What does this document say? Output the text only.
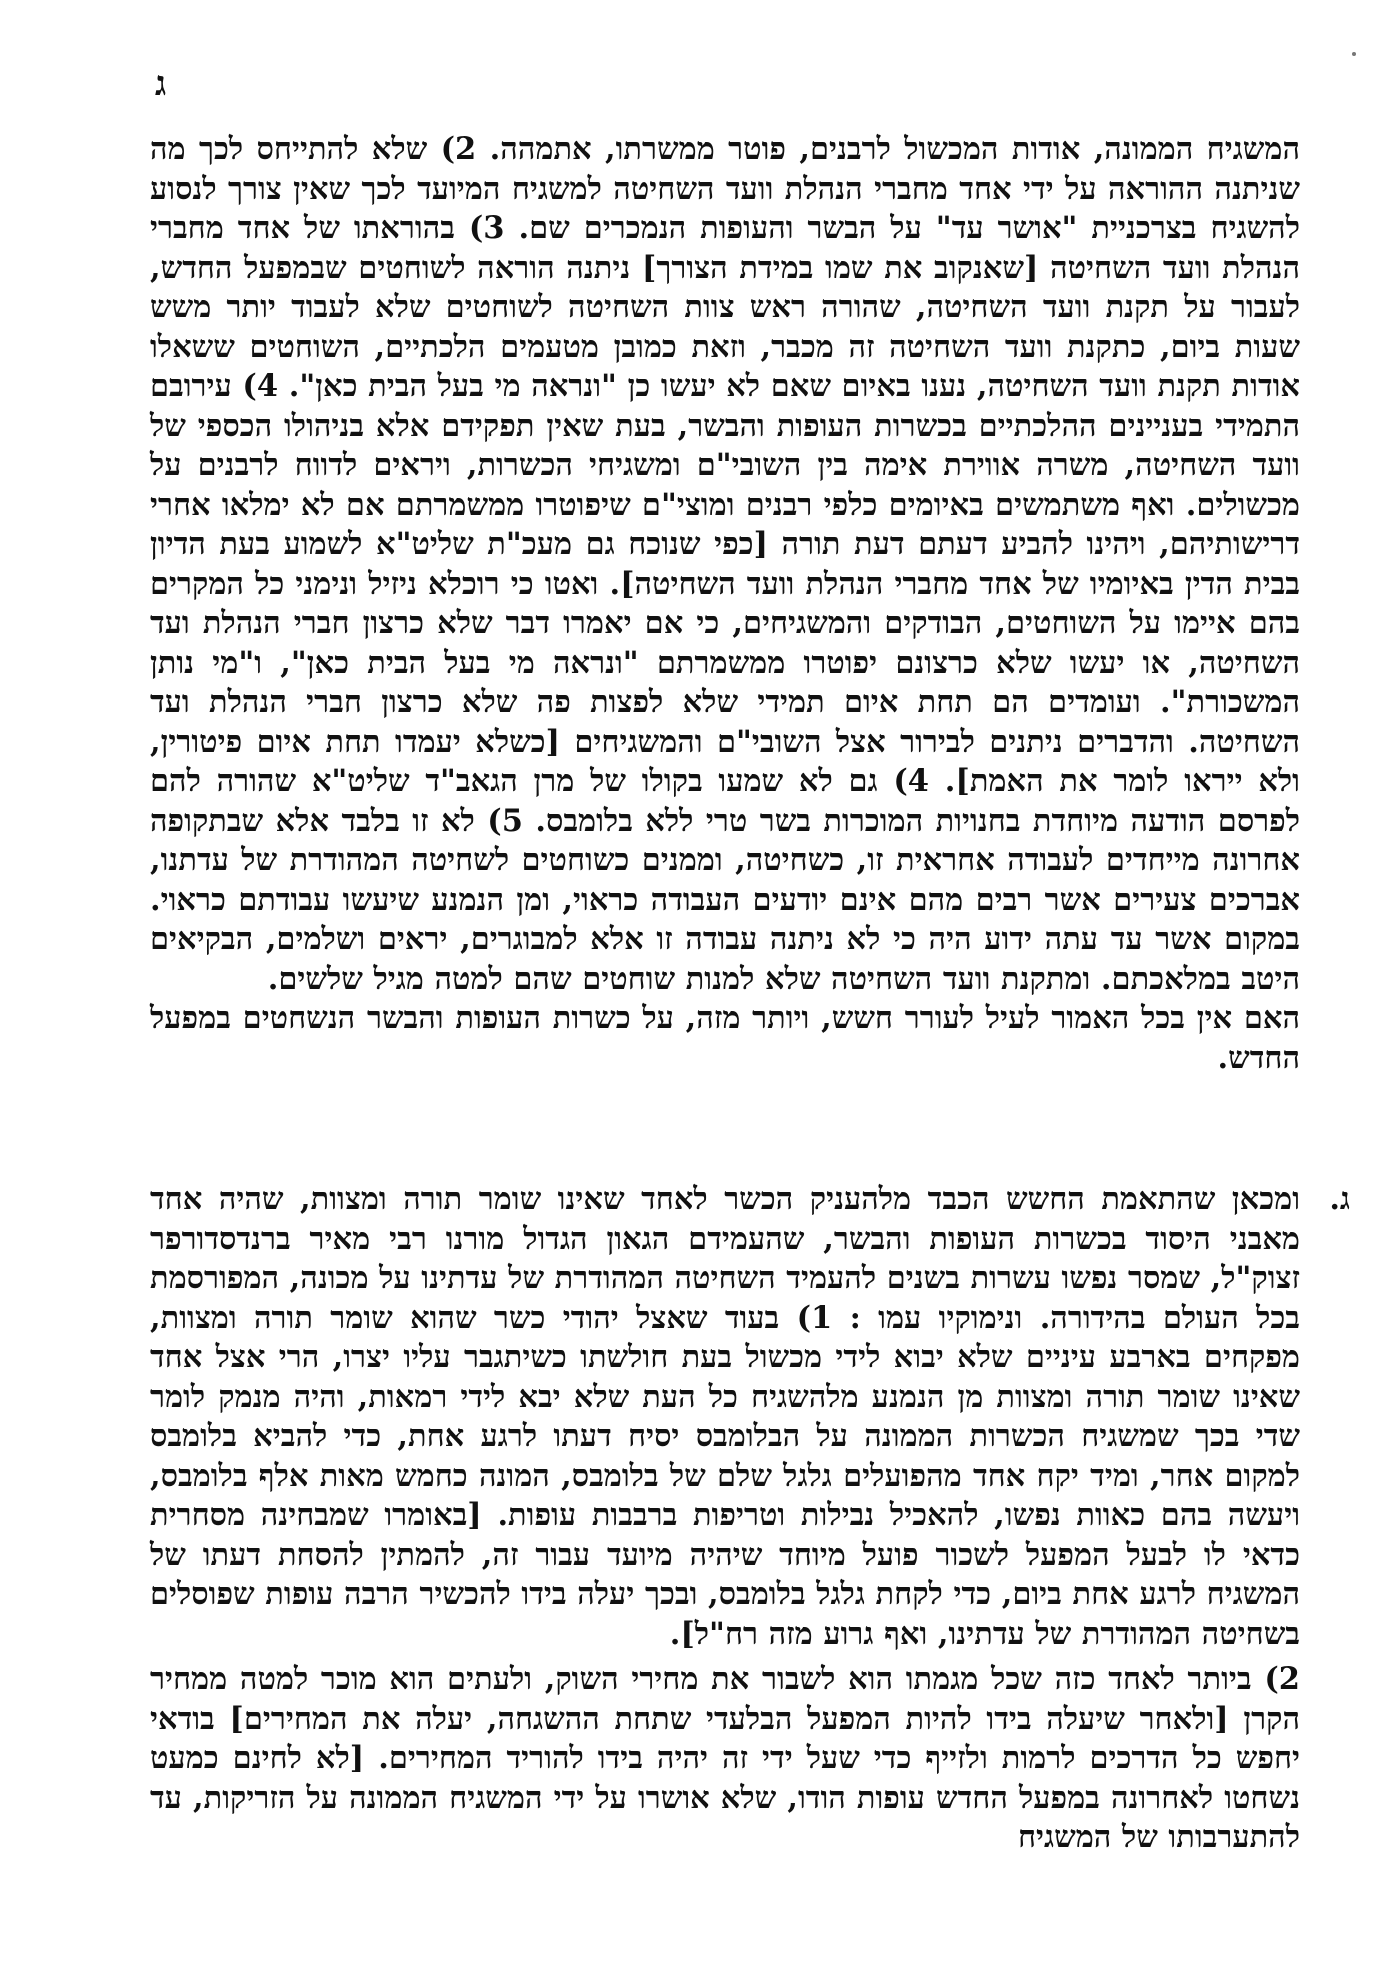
ג

המשגיח הממונה, אודות המכשול לרבנים, פוטר ממשרתו, אתמהה. 2) שלא להתייחס לכך מה שניתנה ההוראה על ידי אחד מחברי הנהלת וועד השחיטה למשגיח המיועד לכך שאין צורך לנסוע להשגיח בצרכניית "אושר עד" על הבשר והעופות הנמכרים שם. 3) בהוראתו של אחד מחברי הנהלת וועד השחיטה [שאנקוב את שמו במידת הצורך] ניתנה הוראה לשוחטים שבמפעל החדש, לעבור על תקנת וועד השחיטה, שהורה ראש צוות השחיטה לשוחטים שלא לעבוד יותר משש שעות ביום, כתקנת וועד השחיטה זה מכבר, וזאת כמובן מטעמים הלכתיים, השוחטים ששאלו אודות תקנת וועד השחיטה, נענו באיום שאם לא יעשו כן "ונראה מי בעל הבית כאן". 4) עירובם התמידי בעניינים ההלכתיים בכשרות העופות והבשר, בעת שאין תפקידם אלא בניהולו הכספי של וועד השחיטה, משרה אווירת אימה בין השובי"ם ומשגיחי הכשרות, ויראים לדווח לרבנים על מכשולים. ואף משתמשים באיומים כלפי רבנים ומוצי"ם שיפוטרו ממשמרתם אם לא ימלאו אחרי דרישותיהם, ויהינו להביע דעתם דעת תורה [כפי שנוכח גם מעכ"ת שליט"א לשמוע בעת הדיון בבית הדין באיומיו של אחד מחברי הנהלת וועד השחיטה]. ואטו כי רוכלא ניזיל ונימני כל המקרים בהם איימו על השוחטים, הבודקים והמשגיחים, כי אם יאמרו דבר שלא כרצון חברי הנהלת ועד השחיטה, או יעשו שלא כרצונם יפוטרו ממשמרתם "ונראה מי בעל הבית כאן", ו"מי נותן המשכורת". ועומדים הם תחת איום תמידי שלא לפצות פה שלא כרצון חברי הנהלת ועד השחיטה. והדברים ניתנים לבירור אצל השובי"ם והמשגיחים [כשלא יעמדו תחת איום פיטורין, ולא ייראו לומר את האמת]. 4) גם לא שמעו בקולו של מרן הגאב"ד שליט"א שהורה להם לפרסם הודעה מיוחדת בחנויות המוכרות בשר טרי ללא בלומבס. 5) לא זו בלבד אלא שבתקופה אחרונה מייחדים לעבודה אחראית זו, כשחיטה, וממנים כשוחטים לשחיטה המהודרת של עדתנו, אברכים צעירים אשר רבים מהם אינם יודעים העבודה כראוי, ומן הנמנע שיעשו עבודתם כראוי. במקום אשר עד עתה ידוע היה כי לא ניתנה עבודה זו אלא למבוגרים, יראים ושלמים, הבקיאים היטב במלאכתם. ומתקנת וועד השחיטה שלא למנות שוחטים שהם למטה מגיל שלשים.

האם אין בכל האמור לעיל לעורר חשש, ויותר מזה, על כשרות העופות והבשר הנשחטים במפעל החדש.

ג.

ומכאן שהתאמת החשש הכבד מלהעניק הכשר לאחד שאינו שומר תורה ומצוות, שהיה אחד מאבני היסוד בכשרות העופות והבשר, שהעמידם הגאון הגדול מורנו רבי מאיר ברנדסדורפר זצוק"ל, שמסר נפשו עשרות בשנים להעמיד השחיטה המהודרת של עדתינו על מכונה, המפורסמת בכל העולם בהידורה. ונימוקיו עמו : 1) בעוד שאצל יהודי כשר שהוא שומר תורה ומצוות, מפקחים בארבע עיניים שלא יבוא לידי מכשול בעת חולשתו כשיתגבר עליו יצרו, הרי אצל אחד שאינו שומר תורה ומצוות מן הנמנע מלהשגיח כל העת שלא יבא לידי רמאות, והיה מנמק לומר שדי בכך שמשגיח הכשרות הממונה על הבלומבס יסיח דעתו לרגע אחת, כדי להביא בלומבס למקום אחר, ומיד יקח אחד מהפועלים גלגל שלם של בלומבס, המונה כחמש מאות אלף בלומבס, ויעשה בהם כאוות נפשו, להאכיל נבילות וטריפות ברבבות עופות. [באומרו שמבחינה מסחרית כדאי לו לבעל המפעל לשכור פועל מיוחד שיהיה מיועד עבור זה, להמתין להסחת דעתו של המשגיח לרגע אחת ביום, כדי לקחת גלגל בלומבס, ובכך יעלה בידו להכשיר הרבה עופות שפוסלים בשחיטה המהודרת של עדתינו, ואף גרוע מזה רח"ל].

2) ביותר לאחד כזה שכל מגמתו הוא לשבור את מחירי השוק, ולעתים הוא מוכר למטה ממחיר הקרן [ולאחר שיעלה בידו להיות המפעל הבלעדי שתחת ההשגחה, יעלה את המחירים] בודאי יחפש כל הדרכים לרמות ולזייף כדי שעל ידי זה יהיה בידו להוריד המחירים. [לא לחינם כמעט נשחטו לאחרונה במפעל החדש עופות הודו, שלא אושרו על ידי המשגיח הממונה על הזריקות, עד להתערבותו של המשגיח
